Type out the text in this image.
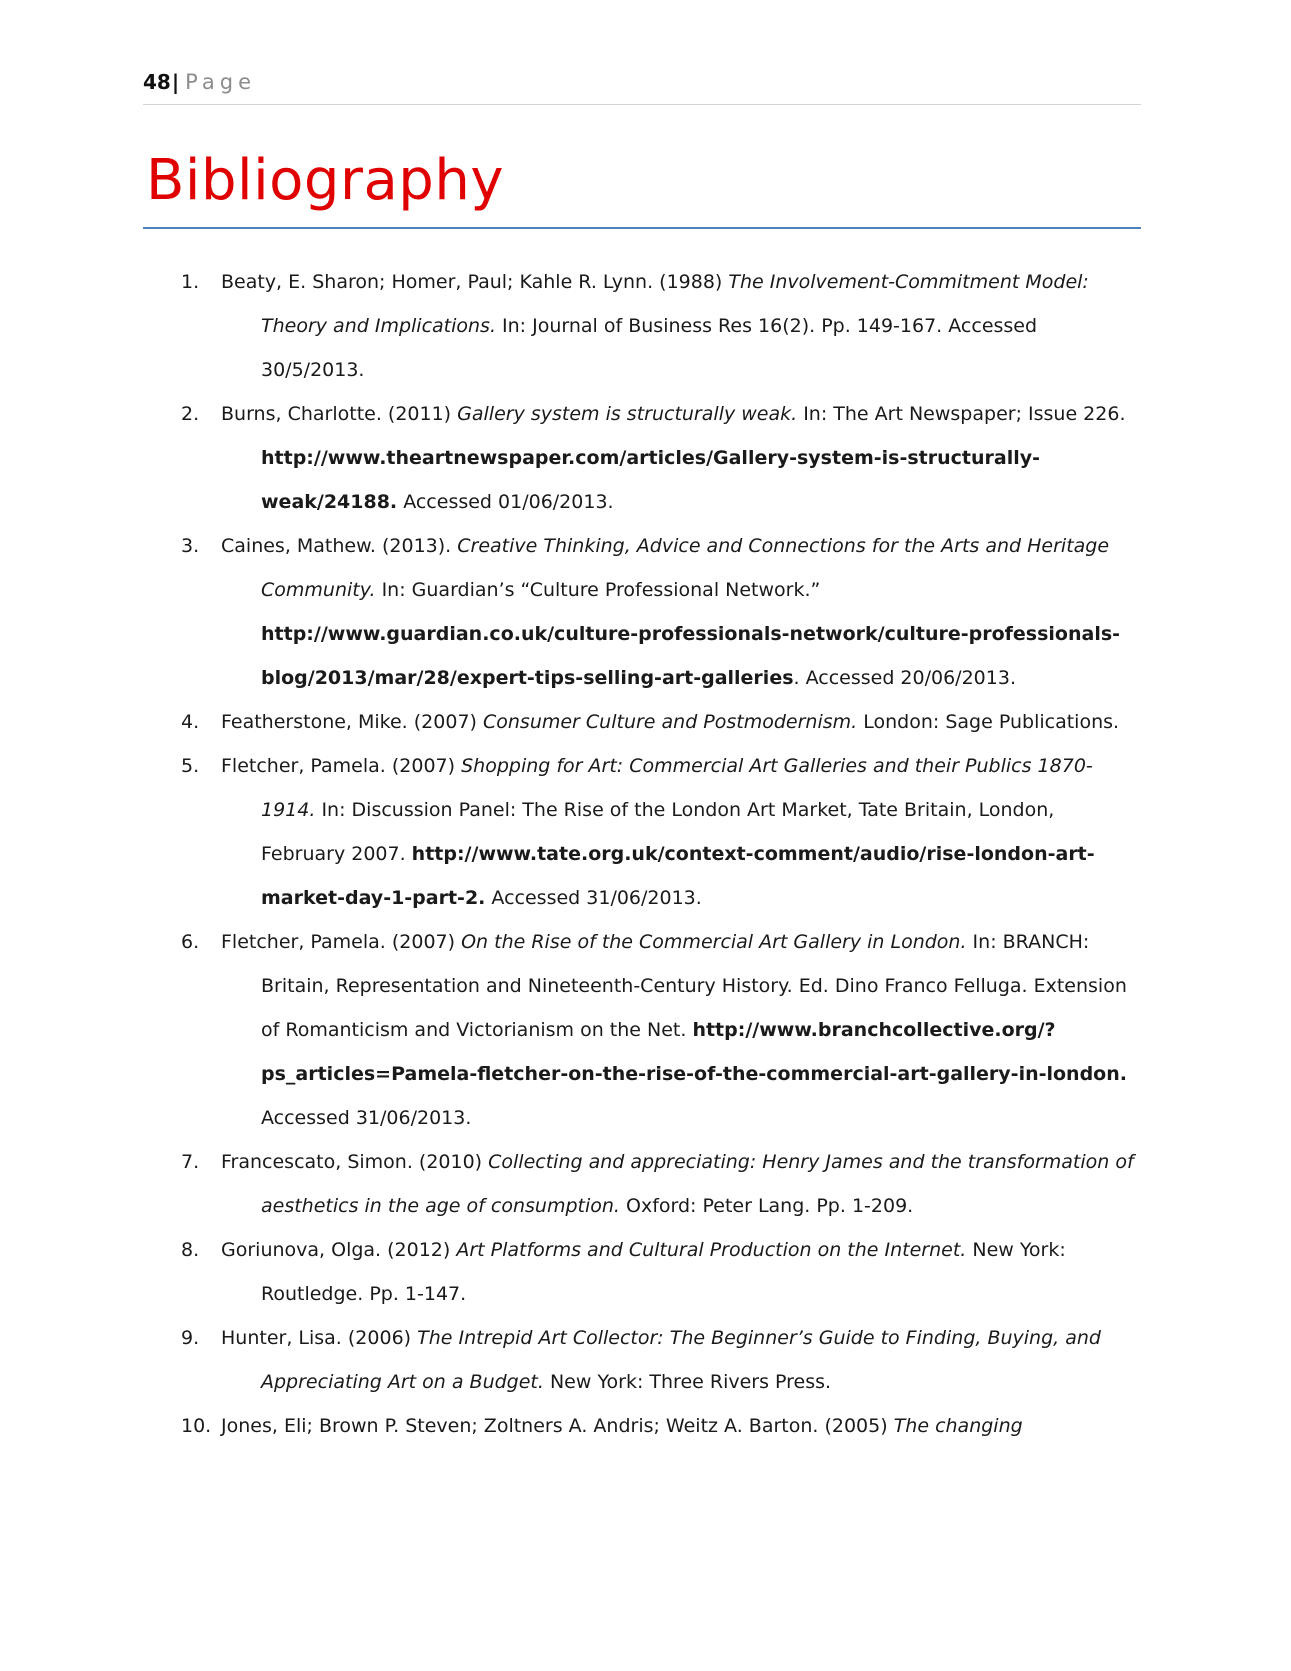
48| Page
Bibliography
1. Beaty, E. Sharon; Homer, Paul; Kahle R. Lynn. (1988) The Involvement-Commitment Model: Theory and Implications. In: Journal of Business Res 16(2). Pp. 149-167. Accessed 30/5/2013.
2. Burns, Charlotte. (2011) Gallery system is structurally weak. In: The Art Newspaper; Issue 226. http://www.theartnewspaper.com/articles/Gallery-system-is-structurally-weak/24188. Accessed 01/06/2013.
3. Caines, Mathew. (2013). Creative Thinking, Advice and Connections for the Arts and Heritage Community. In: Guardian’s “Culture Professional Network.” http://www.guardian.co.uk/culture-professionals-network/culture-professionals-blog/2013/mar/28/expert-tips-selling-art-galleries. Accessed 20/06/2013.
4. Featherstone, Mike. (2007) Consumer Culture and Postmodernism. London: Sage Publications.
5. Fletcher, Pamela. (2007) Shopping for Art: Commercial Art Galleries and their Publics 1870-1914. In: Discussion Panel: The Rise of the London Art Market, Tate Britain, London, February 2007. http://www.tate.org.uk/context-comment/audio/rise-london-art-market-day-1-part-2. Accessed 31/06/2013.
6. Fletcher, Pamela. (2007) On the Rise of the Commercial Art Gallery in London. In: BRANCH: Britain, Representation and Nineteenth-Century History. Ed. Dino Franco Felluga. Extension of Romanticism and Victorianism on the Net. http://www.branchcollective.org/?ps_articles=Pamela-fletcher-on-the-rise-of-the-commercial-art-gallery-in-london. Accessed 31/06/2013.
7. Francescato, Simon. (2010) Collecting and appreciating: Henry James and the transformation of aesthetics in the age of consumption. Oxford: Peter Lang. Pp. 1-209.
8. Goriunova, Olga. (2012) Art Platforms and Cultural Production on the Internet. New York: Routledge. Pp. 1-147.
9. Hunter, Lisa. (2006) The Intrepid Art Collector: The Beginner’s Guide to Finding, Buying, and Appreciating Art on a Budget. New York: Three Rivers Press.
10. Jones, Eli; Brown P. Steven; Zoltners A. Andris; Weitz A. Barton. (2005) The changing
